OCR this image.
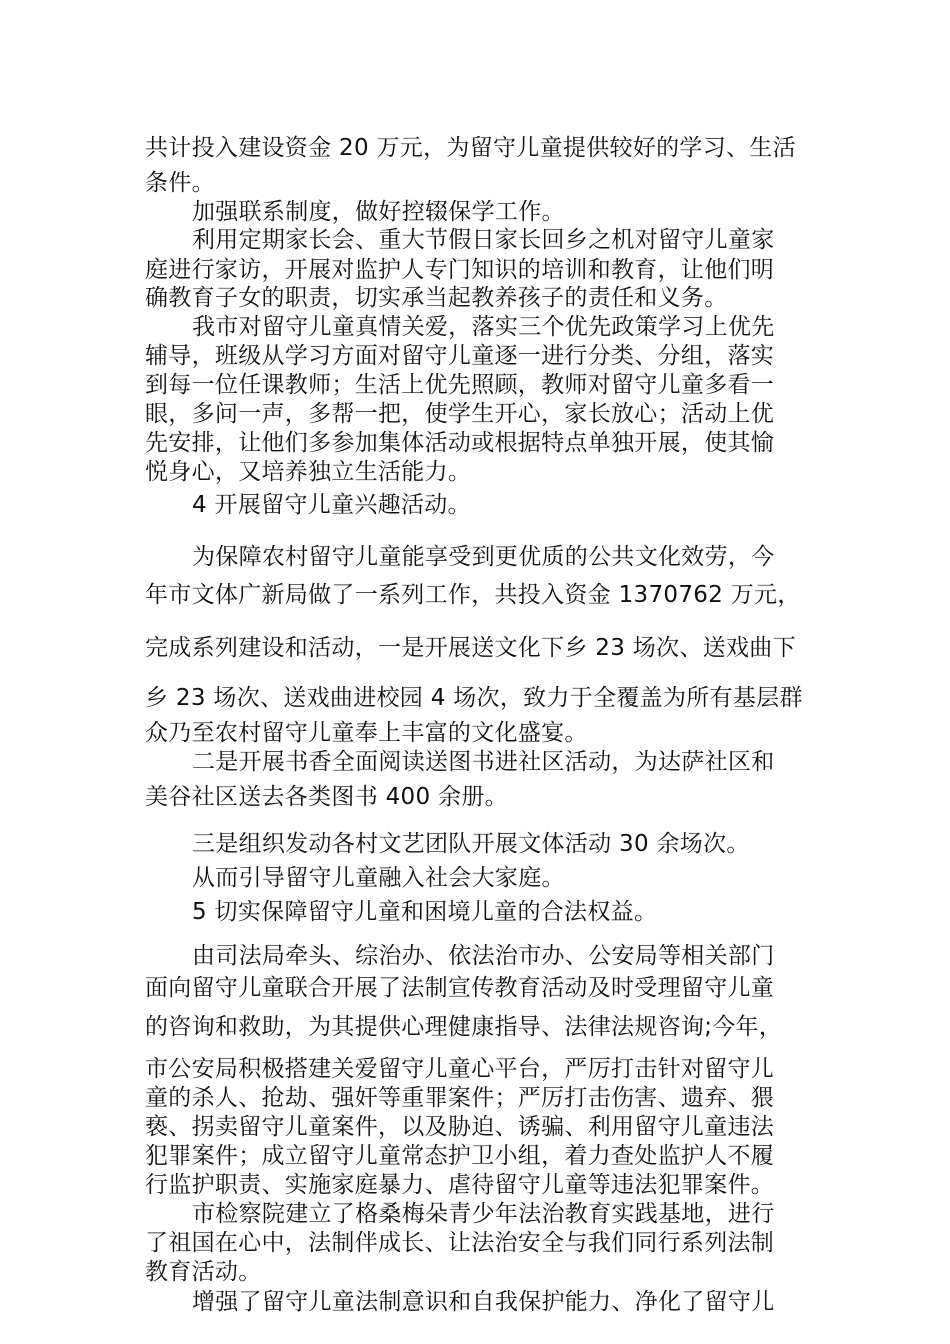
共计投入建设资金 20 万元，为留守儿童提供较好的学习、生活
条件。
加强联系制度，做好控辍保学工作。
利用定期家长会、重大节假日家长回乡之机对留守儿童家
庭进行家访，开展对监护人专门知识的培训和教育，让他们明
确教育子女的职责，切实承当起教养孩子的责任和义务。
我市对留守儿童真情关爱，落实三个优先政策学习上优先
辅导，班级从学习方面对留守儿童逐一进行分类、分组，落实
到每一位任课教师；生活上优先照顾，教师对留守儿童多看一
眼，多问一声，多帮一把，使学生开心，家长放心；活动上优
先安排，让他们多参加集体活动或根据特点单独开展，使其愉
悦身心，又培养独立生活能力。
4 开展留守儿童兴趣活动。
为保障农村留守儿童能享受到更优质的公共文化效劳，今
年市文体广新局做了一系列工作，共投入资金 1370762 万元，
完成系列建设和活动，一是开展送文化下乡 23 场次、送戏曲下
乡 23 场次、送戏曲进校园 4 场次，致力于全覆盖为所有基层群
众乃至农村留守儿童奉上丰富的文化盛宴。
二是开展书香全面阅读送图书进社区活动，为达萨社区和
美谷社区送去各类图书 400 余册。
三是组织发动各村文艺团队开展文体活动 30 余场次。
从而引导留守儿童融入社会大家庭。
5 切实保障留守儿童和困境儿童的合法权益。
由司法局牵头、综治办、依法治市办、公安局等相关部门
面向留守儿童联合开展了法制宣传教育活动及时受理留守儿童
的咨询和救助，为其提供心理健康指导、法律法规咨询;今年，
市公安局积极搭建关爱留守儿童心平台，严厉打击针对留守儿
童的杀人、抢劫、强奸等重罪案件；严厉打击伤害、遗弃、猥
亵、拐卖留守儿童案件，以及胁迫、诱骗、利用留守儿童违法
犯罪案件；成立留守儿童常态护卫小组，着力查处监护人不履
行监护职责、实施家庭暴力、虐待留守儿童等违法犯罪案件。
市检察院建立了格桑梅朵青少年法治教育实践基地，进行
了祖国在心中，法制伴成长、让法治安全与我们同行系列法制
教育活动。
增强了留守儿童法制意识和自我保护能力、净化了留守儿
